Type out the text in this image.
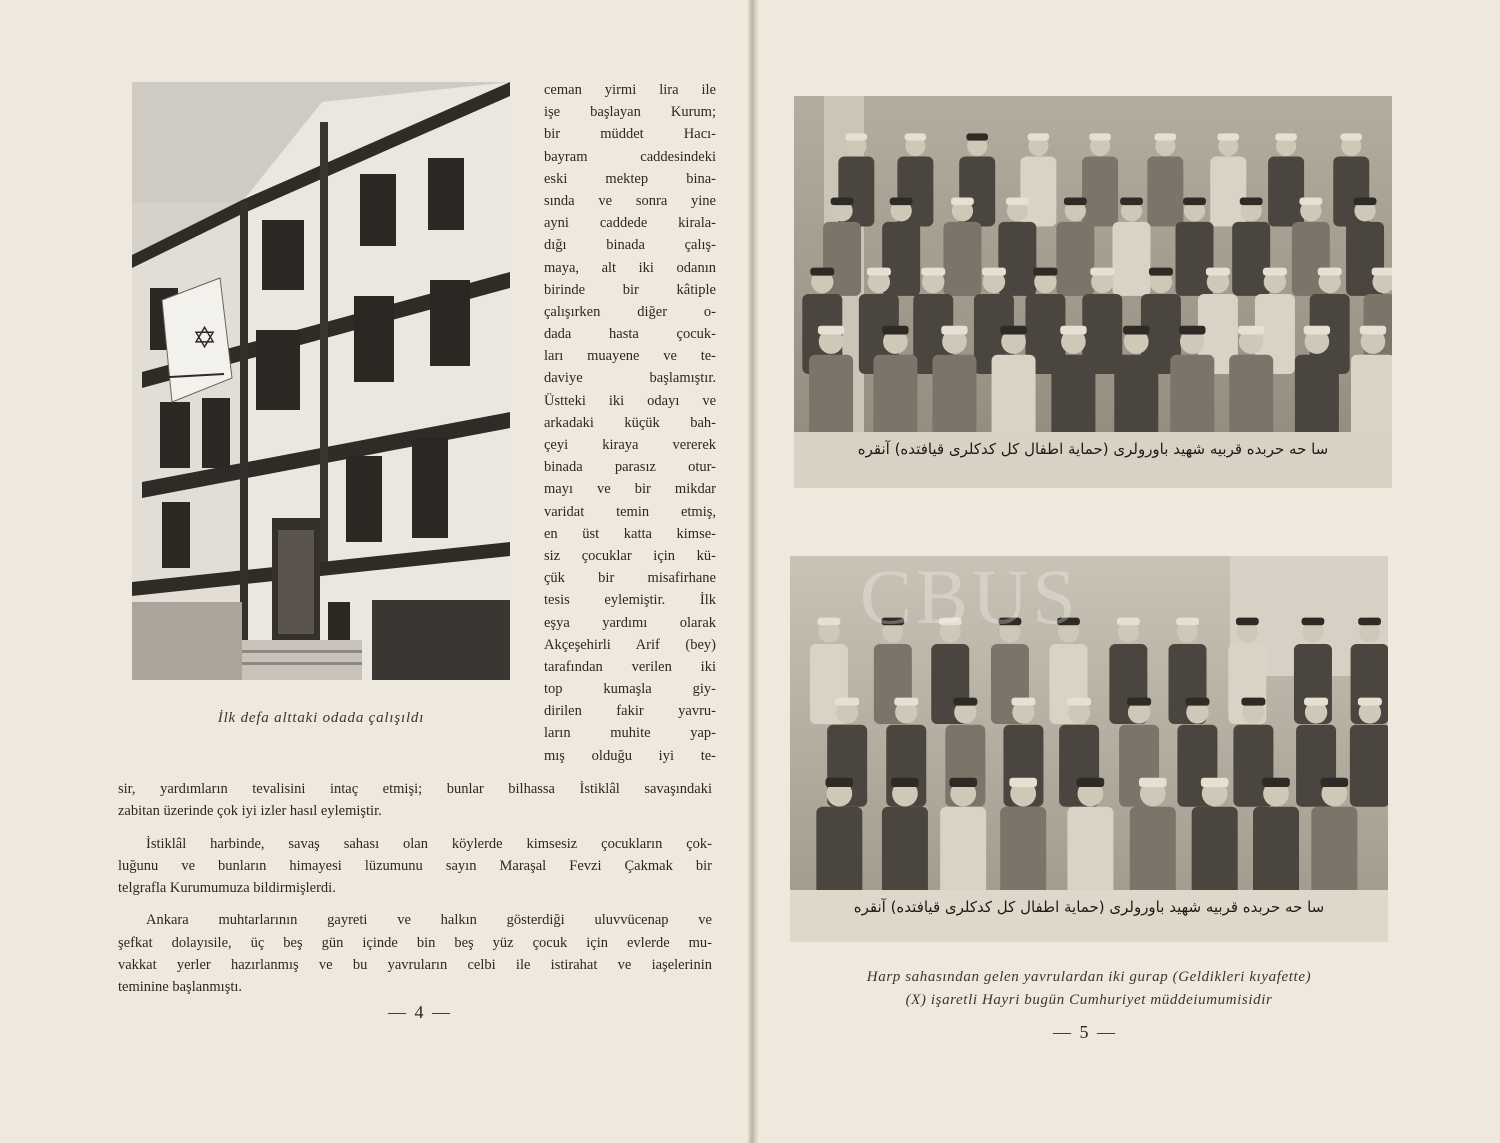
✡
İlk defa alttaki odada çalışıldı
ceman yirmi lira ile
işe başlayan Kurum;
bir müddet Hacı-
bayram caddesindeki
eski mektep bina-
sında ve sonra yine
ayni caddede kirala-
dığı binada çalış-
maya, alt iki odanın
birinde bir kâtiple
çalışırken diğer o-
dada hasta çocuk-
ları muayene ve te-
daviye başlamıştır.
Üstteki iki odayı ve
arkadaki küçük bah-
çeyi kiraya vererek
binada parasız otur-
mayı ve bir mikdar
varidat temin etmiş,
en üst katta kimse-
siz çocuklar için kü-
çük bir misafirhane
tesis eylemiştir. İlk
eşya yardımı olarak
Akçeşehirli Arif (bey)
tarafından verilen iki
top kumaşla giy-
dirilen fakir yavru-
ların muhite yap-
mış olduğu iyi te-

sir, yardımların tevalisini intaç etmişi; bunlar bilhassa İstiklâl savaşındaki
zabitan üzerinde çok iyi izler hasıl eylemiştir.

İstiklâl harbinde, savaş sahası olan köylerde kimsesiz çocukların çok-
luğunu ve bunların himayesi lüzumunu sayın Maraşal Fevzi Çakmak bir
telgrafla Kurumumuza bildirmişlerdi.

Ankara muhtarlarının gayreti ve halkın gösterdiği uluvvücenap ve
şefkat dolayısile, üç beş gün içinde bin beş yüz çocuk için evlerde mu-
vakkat yerler hazırlanmış ve bu yavruların celbi ile istirahat ve iaşelerinin
teminine başlanmıştı.

— 4 —
سا حه حربده قربيه شهيد باورولرى (حماية اطفال كل كدكلرى قيافتده) آنقره
سا حه حربده قربيه شهيد باورولرى (حماية اطفال كل كدكلرى قيافتده) آنقره
CBUS
Harp sahasından gelen yavrulardan iki gurap (Geldikleri kıyafette)
(X) işaretli Hayri bugün Cumhuriyet müddeiumumisidir
— 5 —
